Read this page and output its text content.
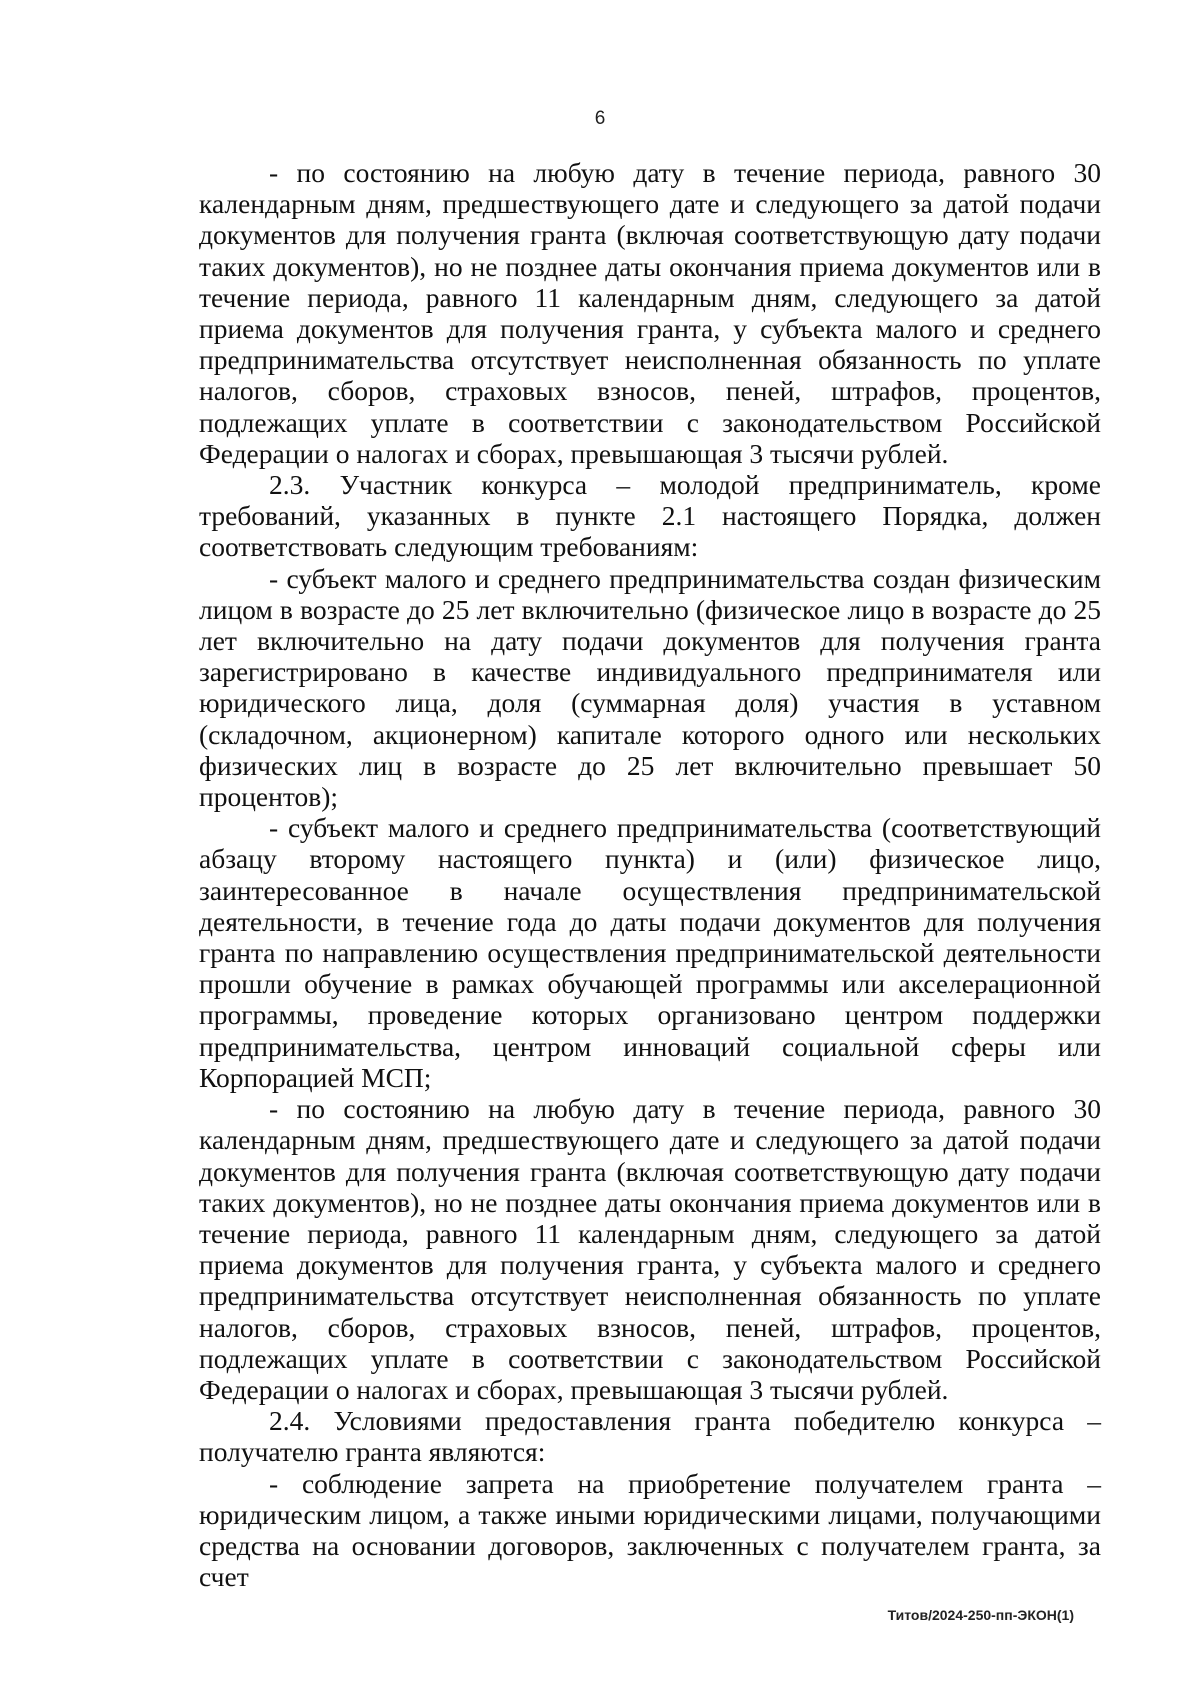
6

- по состоянию на любую дату в течение периода, равного 30 календарным дням, предшествующего дате и следующего за датой подачи документов для получения гранта (включая соответствующую дату подачи таких документов), но не позднее даты окончания приема документов или в течение периода, равного 11 календарным дням, следующего за датой приема документов для получения гранта, у субъекта малого и среднего предпринимательства отсутствует неисполненная обязанность по уплате налогов, сборов, страховых взносов, пеней, штрафов, процентов, подлежащих уплате в соответствии с законодательством Российской Федерации о налогах и сборах, превышающая 3 тысячи рублей.

2.3. Участник конкурса – молодой предприниматель, кроме требований, указанных в пункте 2.1 настоящего Порядка, должен соответствовать следующим требованиям:

- субъект малого и среднего предпринимательства создан физическим лицом в возрасте до 25 лет включительно (физическое лицо в возрасте до 25 лет включительно на дату подачи документов для получения гранта зарегистрировано в качестве индивидуального предпринимателя или юридического лица, доля (суммарная доля) участия в уставном (складочном, акционерном) капитале которого одного или нескольких физических лиц в возрасте до 25 лет включительно превышает 50 процентов);

- субъект малого и среднего предпринимательства (соответствующий абзацу второму настоящего пункта) и (или) физическое лицо, заинтересованное в начале осуществления предпринимательской деятельности, в течение года до даты подачи документов для получения гранта по направлению осуществления предпринимательской деятельности прошли обучение в рамках обучающей программы или акселерационной программы, проведение которых организовано центром поддержки предпринимательства, центром инноваций социальной сферы или Корпорацией МСП;

- по состоянию на любую дату в течение периода, равного 30 календарным дням, предшествующего дате и следующего за датой подачи документов для получения гранта (включая соответствующую дату подачи таких документов), но не позднее даты окончания приема документов или в течение периода, равного 11 календарным дням, следующего за датой приема документов для получения гранта, у субъекта малого и среднего предпринимательства отсутствует неисполненная обязанность по уплате налогов, сборов, страховых взносов, пеней, штрафов, процентов, подлежащих уплате в соответствии с законодательством Российской Федерации о налогах и сборах, превышающая 3 тысячи рублей.

2.4. Условиями предоставления гранта победителю конкурса – получателю гранта являются:

- соблюдение запрета на приобретение получателем гранта – юридическим лицом, а также иными юридическими лицами, получающими средства на основании договоров, заключенных с получателем гранта, за счет

Титов/2024-250-пп-ЭКОН(1)
